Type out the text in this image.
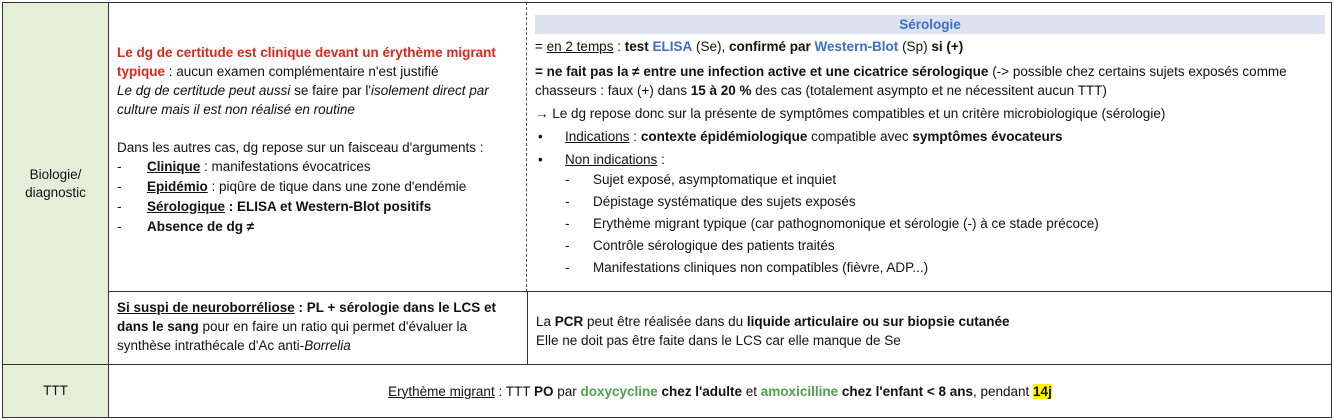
Biologie/
diagnostic

Le dg de certitude est clinique devant un érythème migrant typique : aucun examen complémentaire n'est justifié

Le dg de certitude peut aussi se faire par l'isolement direct par culture mais il est non réalisé en routine

Dans les autres cas, dg repose sur un faisceau d'arguments :

- Clinique : manifestations évocatrices
- Epidémio : piqûre de tique dans une zone d'endémie
- Sérologique : ELISA et Western-Blot positifs
- Absence de dg ≠
Sérologie

= en 2 temps : test ELISA (Se), confirmé par Western-Blot (Sp) si (+)

= ne fait pas la ≠ entre une infection active et une cicatrice sérologique (-> possible chez certains sujets exposés comme chasseurs : faux (+) dans 15 à 20 % des cas (totalement asympto et ne nécessitent aucun TTT)

→ Le dg repose donc sur la présente de symptômes compatibles et un critère microbiologique (sérologie)

• Indications : contexte épidémiologique compatible avec symptômes évocateurs

• Non indications :

- Sujet exposé, asymptomatique et inquiet
- Dépistage systématique des sujets exposés
- Erythème migrant typique (car pathognomonique et sérologie (-) à ce stade précoce)
- Contrôle sérologique des patients traités
- Manifestations cliniques non compatibles (fièvre, ADP...)

Si suspi de neuroborréliose : PL + sérologie dans le LCS et dans le sang pour en faire un ratio qui permet d'évaluer la synthèse intrathécale d'Ac anti-Borrelia

La PCR peut être réalisée dans du liquide articulaire ou sur biopsie cutanée

Elle ne doit pas être faite dans le LCS car elle manque de Se

TTT	Erythème migrant : TTT PO par doxycycline chez l'adulte et amoxicilline chez l'enfant < 8 ans, pendant 14j
